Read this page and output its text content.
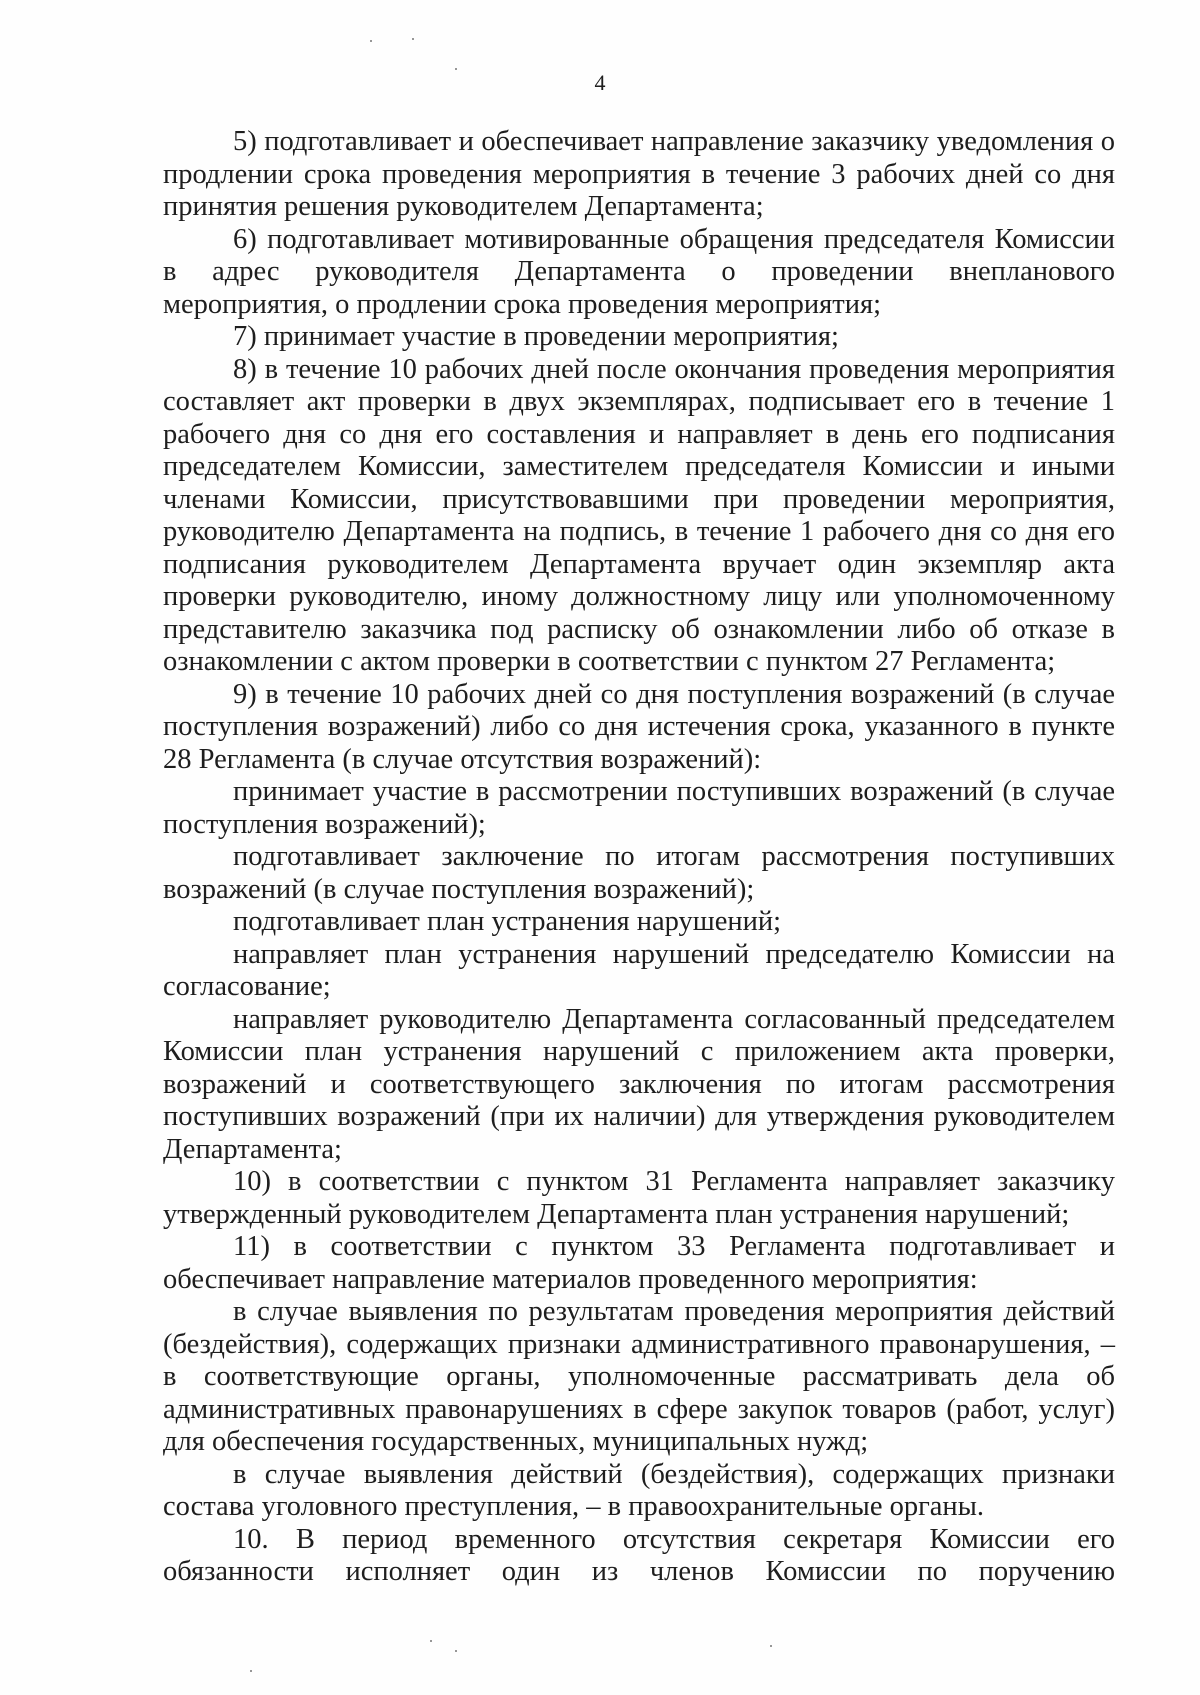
4

5) подготавливает и обеспечивает направление заказчику уведомления о продлении срока проведения мероприятия в течение 3 рабочих дней со дня принятия решения руководителем Департамента;

6) подготавливает мотивированные обращения председателя Комиссии в адрес руководителя Департамента о проведении внепланового мероприятия, о продлении срока проведения мероприятия;

7) принимает участие в проведении мероприятия;

8) в течение 10 рабочих дней после окончания проведения мероприятия составляет акт проверки в двух экземплярах, подписывает его в течение 1 рабочего дня со дня его составления и направляет в день его подписания председателем Комиссии, заместителем председателя Комиссии и иными членами Комиссии, присутствовавшими при проведении мероприятия, руководителю Департамента на подпись, в течение 1 рабочего дня со дня его подписания руководителем Департамента вручает один экземпляр акта проверки руководителю, иному должностному лицу или уполномоченному представителю заказчика под расписку об ознакомлении либо об отказе в ознакомлении с актом проверки в соответствии с пунктом 27 Регламента;

9) в течение 10 рабочих дней со дня поступления возражений (в случае поступления возражений) либо со дня истечения срока, указанного в пункте 28 Регламента (в случае отсутствия возражений):

принимает участие в рассмотрении поступивших возражений (в случае поступления возражений);

подготавливает заключение по итогам рассмотрения поступивших возражений (в случае поступления возражений);

подготавливает план устранения нарушений;

направляет план устранения нарушений председателю Комиссии на согласование;

направляет руководителю Департамента согласованный председателем Комиссии план устранения нарушений с приложением акта проверки, возражений и соответствующего заключения по итогам рассмотрения поступивших возражений (при их наличии) для утверждения руководителем Департамента;

10) в соответствии с пунктом 31 Регламента направляет заказчику утвержденный руководителем Департамента план устранения нарушений;

11) в соответствии с пунктом 33 Регламента подготавливает и обеспечивает направление материалов проведенного мероприятия:

в случае выявления по результатам проведения мероприятия действий (бездействия), содержащих признаки административного правонарушения, – в соответствующие органы, уполномоченные рассматривать дела об административных правонарушениях в сфере закупок товаров (работ, услуг) для обеспечения государственных, муниципальных нужд;

в случае выявления действий (бездействия), содержащих признаки состава уголовного преступления, – в правоохранительные органы.

10. В период временного отсутствия секретаря Комиссии его обязанности исполняет один из членов Комиссии по поручению
